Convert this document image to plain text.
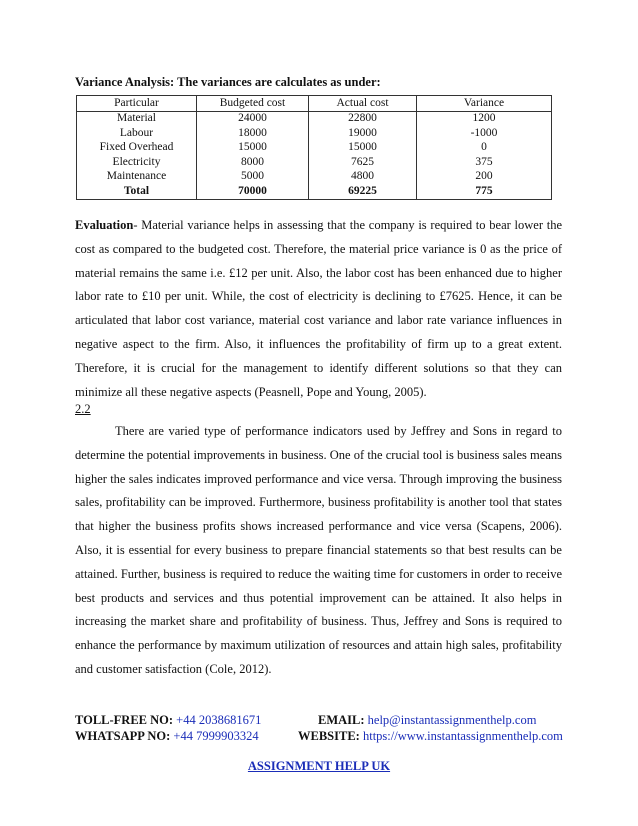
Variance Analysis: The variances are calculates as under:
Particular	Budgeted cost	Actual cost	Variance
Material	24000	22800	1200
Labour	18000	19000	-1000
Fixed Overhead	15000	15000	0
Electricity	8000	7625	375
Maintenance	5000	4800	200
Total	70000	69225	775
Evaluation- Material variance helps in assessing that the company is required to bear lower the cost as compared to the budgeted cost. Therefore, the material price variance is 0 as the price of material remains the same i.e. £12 per unit. Also, the labor cost has been enhanced due to higher labor rate to £10 per unit. While, the cost of electricity is declining to £7625. Hence, it can be articulated that labor cost variance, material cost variance and labor rate variance influences in negative aspect to the firm. Also, it influences the profitability of firm up to a great extent. Therefore, it is crucial for the management to identify different solutions so that they can minimize all these negative aspects (Peasnell, Pope and Young, 2005).
2.2
There are varied type of performance indicators used by Jeffrey and Sons in regard to determine the potential improvements in business. One of the crucial tool is business sales means higher the sales indicates improved performance and vice versa. Through improving the business sales, profitability can be improved. Furthermore, business profitability is another tool that states that higher the business profits shows increased performance and vice versa (Scapens, 2006). Also, it is essential for every business to prepare financial statements so that best results can be attained. Further, business is required to reduce the waiting time for customers in order to receive best products and services and thus potential improvement can be attained. It also helps in increasing the market share and profitability of business. Thus, Jeffrey and Sons is required to enhance the performance by maximum utilization of resources and attain high sales, profitability and customer satisfaction (Cole, 2012).
TOLL-FREE NO: +44 2038681671	EMAIL: help@instantassignmenthelp.com
WHATSAPP NO: +44 7999903324	WEBSITE: https://www.instantassignmenthelp.com
ASSIGNMENT HELP UK
